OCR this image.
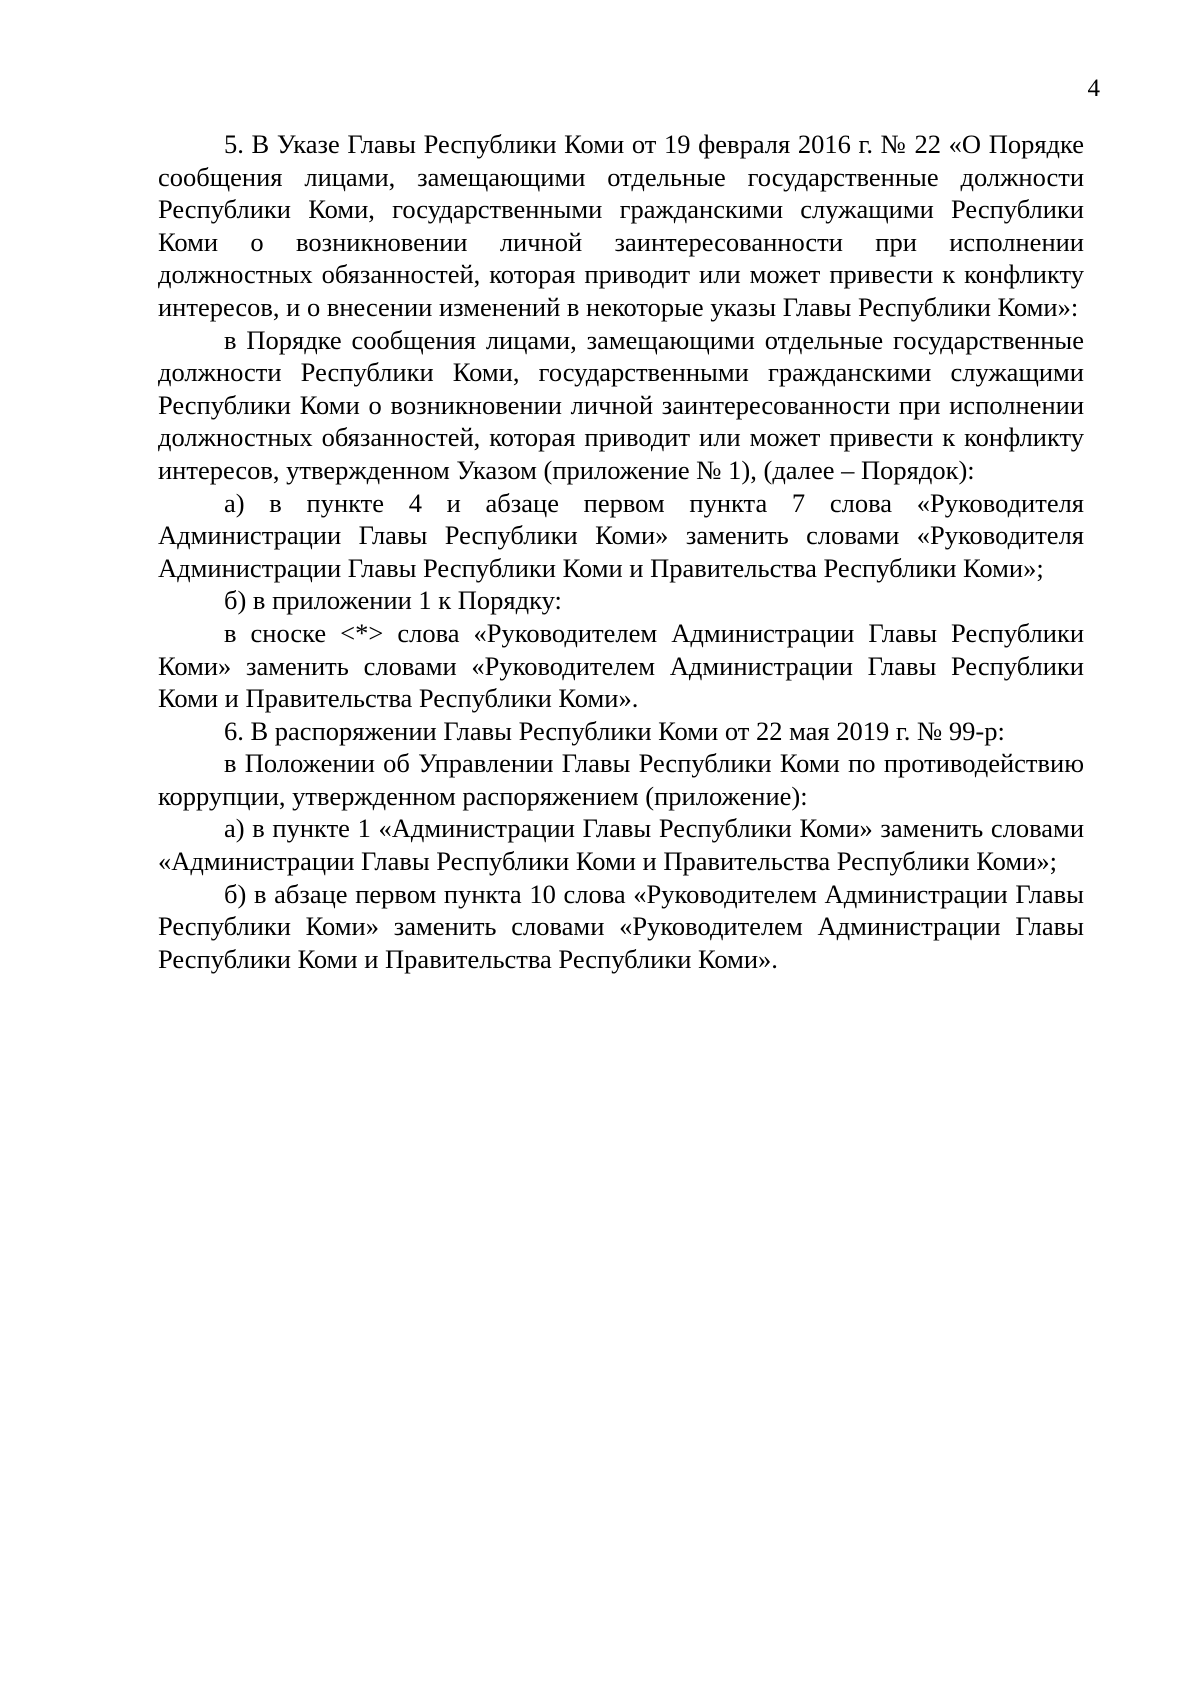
4

5. В Указе Главы Республики Коми от 19 февраля 2016 г. № 22 «О Порядке сообщения лицами, замещающими отдельные государственные должности Республики Коми, государственными гражданскими служащими Республики Коми о возникновении личной заинтересованности при исполнении должностных обязанностей, которая приводит или может привести к конфликту интересов, и о внесении изменений в некоторые указы Главы Республики Коми»:

в Порядке сообщения лицами, замещающими отдельные государственные должности Республики Коми, государственными гражданскими служащими Республики Коми о возникновении личной заинтересованности при исполнении должностных обязанностей, которая приводит или может привести к конфликту интересов, утвержденном Указом (приложение № 1), (далее – Порядок):

а) в пункте 4 и абзаце первом пункта 7 слова «Руководителя Администрации Главы Республики Коми» заменить словами «Руководителя Администрации Главы Республики Коми и Правительства Республики Коми»;

б) в приложении 1 к Порядку:

в сноске <*> слова «Руководителем Администрации Главы Республики Коми» заменить словами «Руководителем Администрации Главы Республики Коми и Правительства Республики Коми».

6. В распоряжении Главы Республики Коми от 22 мая 2019 г. № 99-р:

в Положении об Управлении Главы Республики Коми по противодействию коррупции, утвержденном распоряжением (приложение):

а) в пункте 1 «Администрации Главы Республики Коми» заменить словами «Администрации Главы Республики Коми и Правительства Республики Коми»;

б) в абзаце первом пункта 10 слова «Руководителем Администрации Главы Республики Коми» заменить словами «Руководителем Администрации Главы Республики Коми и Правительства Республики Коми».
